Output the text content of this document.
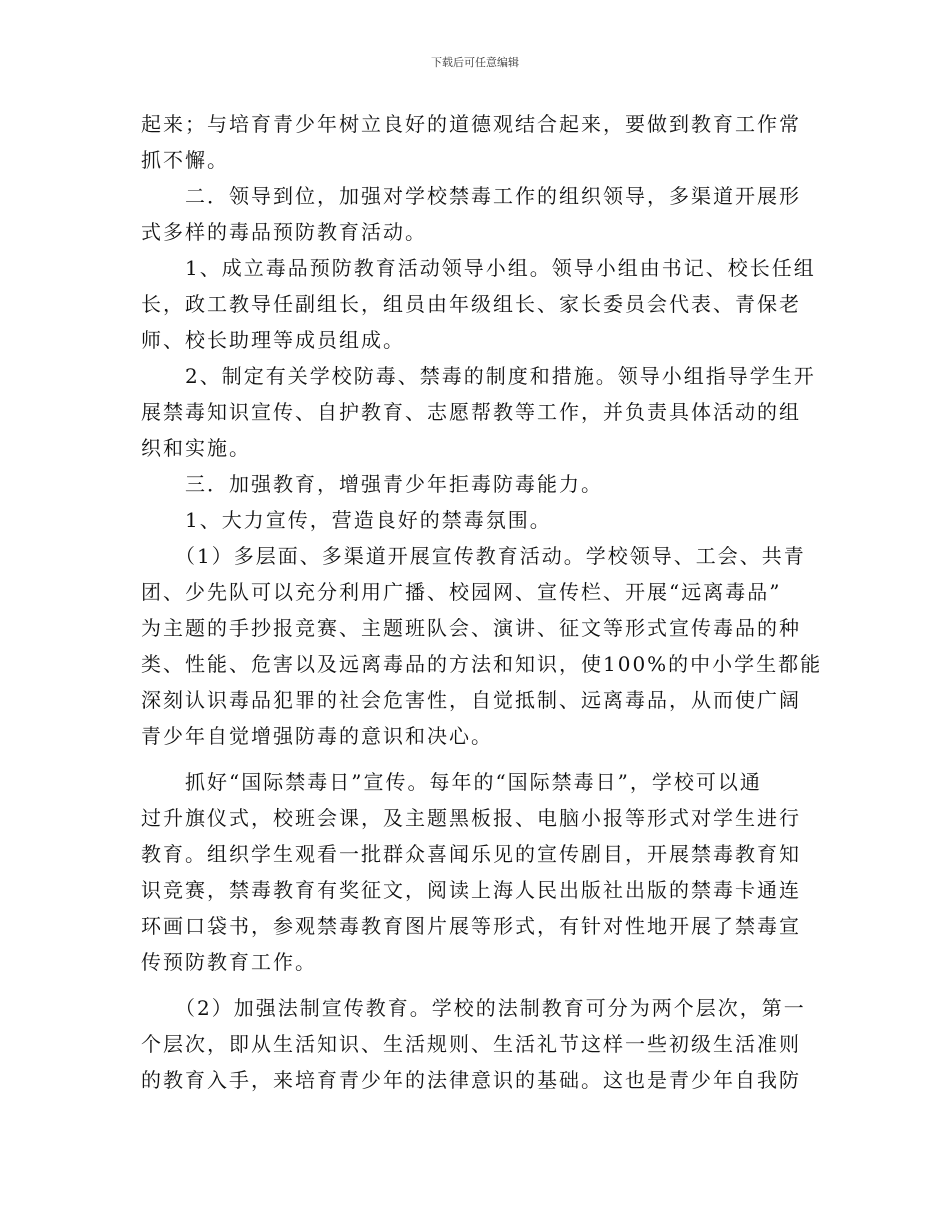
下载后可任意编辑
起来；与培育青少年树立良好的道德观结合起来，要做到教育工作常
抓不懈。
　　二．领导到位，加强对学校禁毒工作的组织领导，多渠道开展形
式多样的毒品预防教育活动。
　　1、成立毒品预防教育活动领导小组。领导小组由书记、校长任组
长，政工教导任副组长，组员由年级组长、家长委员会代表、青保老
师、校长助理等成员组成。
　　2、制定有关学校防毒、禁毒的制度和措施。领导小组指导学生开
展禁毒知识宣传、自护教育、志愿帮教等工作，并负责具体活动的组
织和实施。
　　三．加强教育，增强青少年拒毒防毒能力。
　　1、大力宣传，营造良好的禁毒氛围。
　　（1）多层面、多渠道开展宣传教育活动。学校领导、工会、共青
团、少先队可以充分利用广播、校园网、宣传栏、开展“远离毒品”
为主题的手抄报竞赛、主题班队会、演讲、征文等形式宣传毒品的种
类、性能、危害以及远离毒品的方法和知识，使100%的中小学生都能
深刻认识毒品犯罪的社会危害性，自觉抵制、远离毒品，从而使广阔
青少年自觉增强防毒的意识和决心。
　　抓好“国际禁毒日”宣传。每年的“国际禁毒日”，学校可以通
过升旗仪式，校班会课，及主题黑板报、电脑小报等形式对学生进行
教育。组织学生观看一批群众喜闻乐见的宣传剧目，开展禁毒教育知
识竞赛，禁毒教育有奖征文，阅读上海人民出版社出版的禁毒卡通连
环画口袋书，参观禁毒教育图片展等形式，有针对性地开展了禁毒宣
传预防教育工作。
　　（2）加强法制宣传教育。学校的法制教育可分为两个层次，第一
个层次，即从生活知识、生活规则、生活礼节这样一些初级生活准则
的教育入手，来培育青少年的法律意识的基础。这也是青少年自我防
